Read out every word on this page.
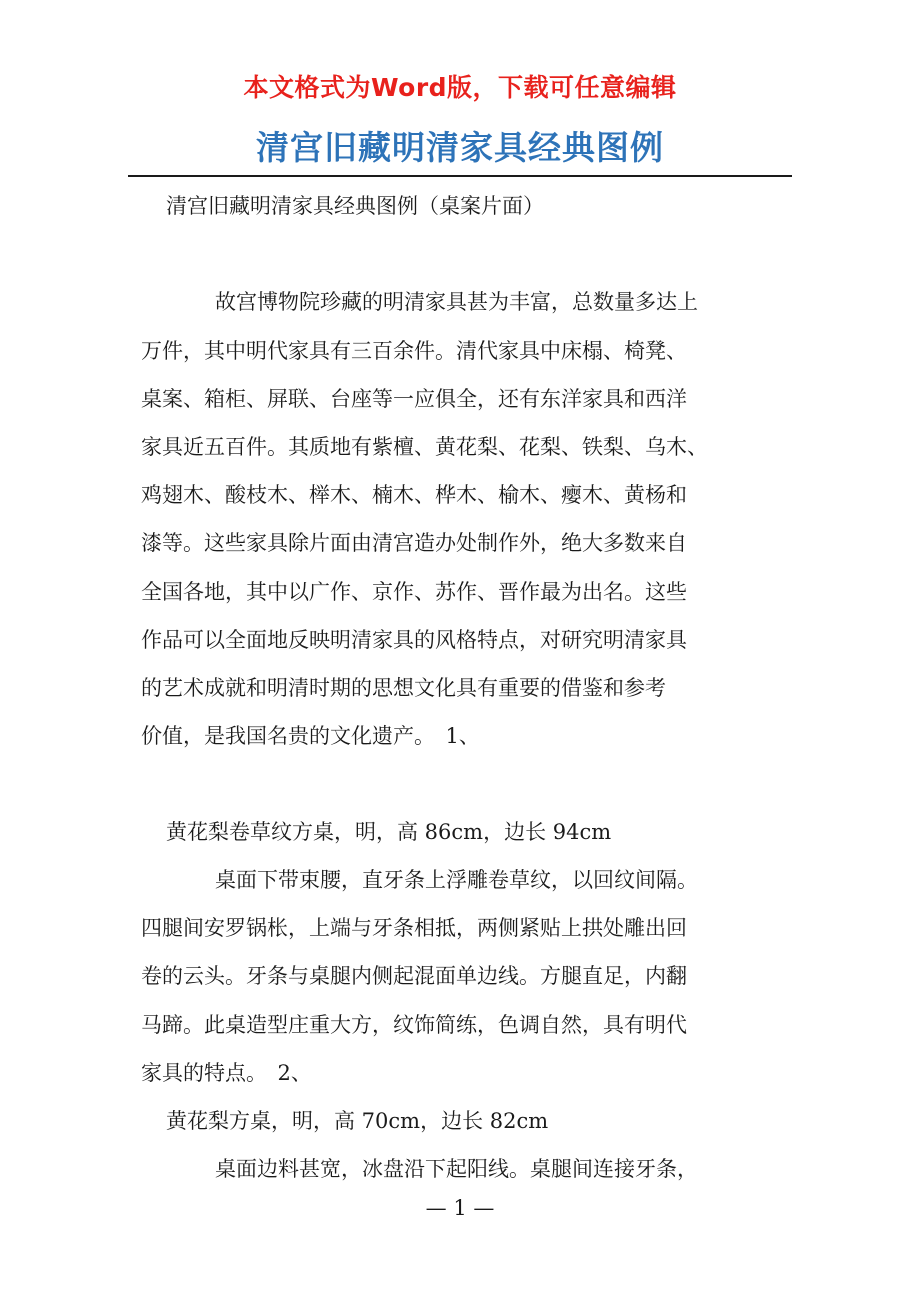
本文格式为Word版，下载可任意编辑
清宫旧藏明清家具经典图例
清宫旧藏明清家具经典图例（桌案片面）
故宫博物院珍藏的明清家具甚为丰富，总数量多达上
万件，其中明代家具有三百余件。清代家具中床榻、椅凳、
桌案、箱柜、屏联、台座等一应俱全，还有东洋家具和西洋
家具近五百件。其质地有紫檀、黄花梨、花梨、铁梨、乌木、
鸡翅木、酸枝木、榉木、楠木、桦木、榆木、瘿木、黄杨和
漆等。这些家具除片面由清宫造办处制作外，绝大多数来自
全国各地，其中以广作、京作、苏作、晋作最为出名。这些
作品可以全面地反映明清家具的风格特点，对研究明清家具
的艺术成就和明清时期的思想文化具有重要的借鉴和参考
价值，是我国名贵的文化遗产。　1、
黄花梨卷草纹方桌，明，高 86cm，边长 94cm
桌面下带束腰，直牙条上浮雕卷草纹，以回纹间隔。
四腿间安罗锅枨，上端与牙条相抵，两侧紧贴上拱处雕出回
卷的云头。牙条与桌腿内侧起混面单边线。方腿直足，内翻
马蹄。此桌造型庄重大方，纹饰简练，色调自然，具有明代
家具的特点。　2、
黄花梨方桌，明，高 70cm，边长 82cm
桌面边料甚宽，冰盘沿下起阳线。桌腿间连接牙条，
— 1 —
